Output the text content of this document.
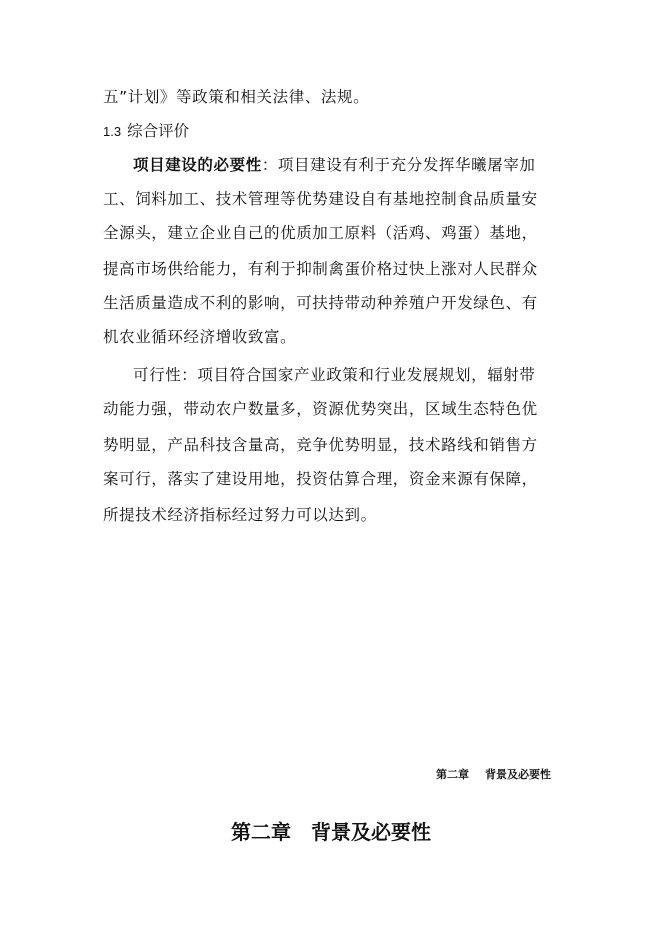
五”计划》等政策和相关法律、法规。
1.3 综合评价
项目建设的必要性：项目建设有利于充分发挥华曦屠宰加
工、饲料加工、技术管理等优势建设自有基地控制食品质量安
全源头，建立企业自己的优质加工原料（活鸡、鸡蛋）基地，
提高市场供给能力，有利于抑制禽蛋价格过快上涨对人民群众
生活质量造成不利的影响，可扶持带动种养殖户开发绿色、有
机农业循环经济增收致富。
可行性：项目符合国家产业政策和行业发展规划，辐射带
动能力强，带动农户数量多，资源优势突出，区域生态特色优
势明显，产品科技含量高，竞争优势明显，技术路线和销售方
案可行，落实了建设用地，投资估算合理，资金来源有保障，
所提技术经济指标经过努力可以达到。
第二章 背景及必要性
第二章 背景及必要性
